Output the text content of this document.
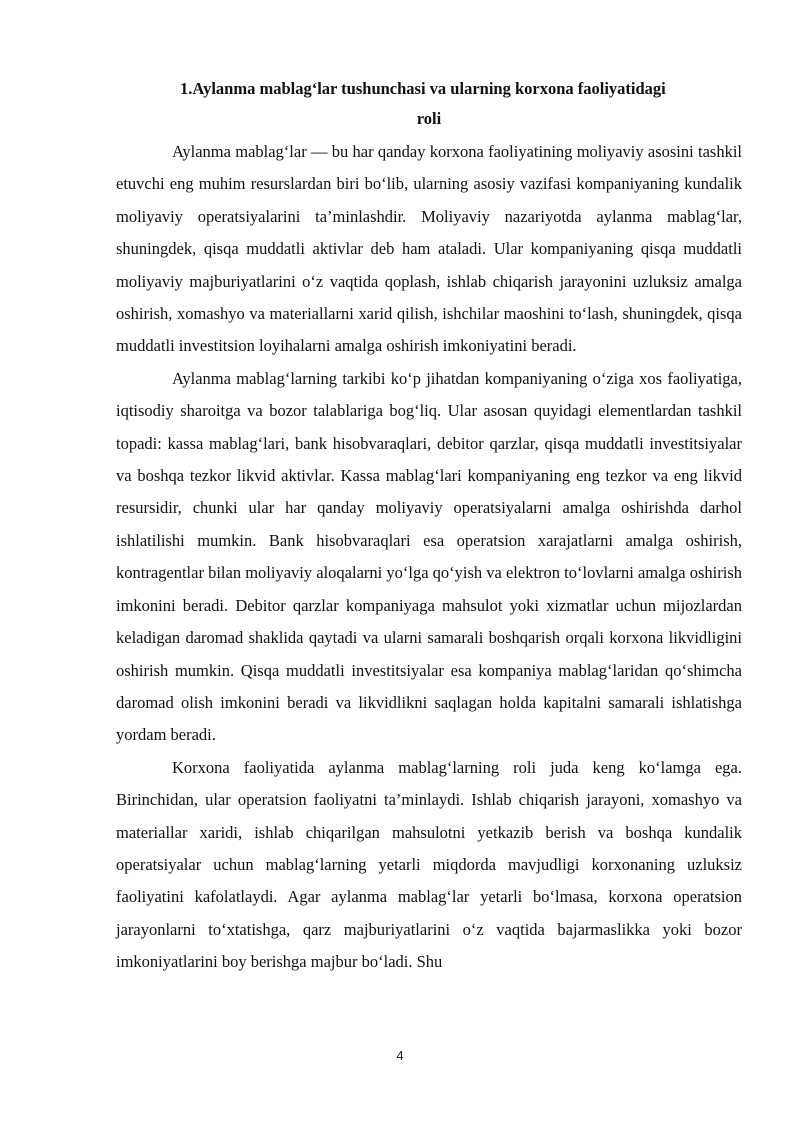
1.Aylanma mablag‘lar tushunchasi va ularning korxona faoliyatidagi
roli

Aylanma mablag‘lar — bu har qanday korxona faoliyatining moliyaviy asosini tashkil etuvchi eng muhim resurslardan biri bo‘lib, ularning asosiy vazifasi kompaniyaning kundalik moliyaviy operatsiyalarini ta’minlashdir. Moliyaviy nazariyotda aylanma mablag‘lar, shuningdek, qisqa muddatli aktivlar deb ham ataladi. Ular kompaniyaning qisqa muddatli moliyaviy majburiyatlarini o‘z vaqtida qoplash, ishlab chiqarish jarayonini uzluksiz amalga oshirish, xomashyo va materiallarni xarid qilish, ishchilar maoshini to‘lash, shuningdek, qisqa muddatli investitsion loyihalarni amalga oshirish imkoniyatini beradi.

Aylanma mablag‘larning tarkibi ko‘p jihatdan kompaniyaning o‘ziga xos faoliyatiga, iqtisodiy sharoitga va bozor talablariga bog‘liq. Ular asosan quyidagi elementlardan tashkil topadi: kassa mablag‘lari, bank hisobvaraqlari, debitor qarzlar, qisqa muddatli investitsiyalar va boshqa tezkor likvid aktivlar. Kassa mablag‘lari kompaniyaning eng tezkor va eng likvid resursidir, chunki ular har qanday moliyaviy operatsiyalarni amalga oshirishda darhol ishlatilishi mumkin. Bank hisobvaraqlari esa operatsion xarajatlarni amalga oshirish, kontragentlar bilan moliyaviy aloqalarni yo‘lga qo‘yish va elektron to‘lovlarni amalga oshirish imkonini beradi. Debitor qarzlar kompaniyaga mahsulot yoki xizmatlar uchun mijozlardan keladigan daromad shaklida qaytadi va ularni samarali boshqarish orqali korxona likvidligini oshirish mumkin. Qisqa muddatli investitsiyalar esa kompaniya mablag‘laridan qo‘shimcha daromad olish imkonini beradi va likvidlikni saqlagan holda kapitalni samarali ishlatishga yordam beradi.

Korxona faoliyatida aylanma mablag‘larning roli juda keng ko‘lamga ega. Birinchidan, ular operatsion faoliyatni ta’minlaydi. Ishlab chiqarish jarayoni, xomashyo va materiallar xaridi, ishlab chiqarilgan mahsulotni yetkazib berish va boshqa kundalik operatsiyalar uchun mablag‘larning yetarli miqdorda mavjudligi korxonaning uzluksiz faoliyatini kafolatlaydi. Agar aylanma mablag‘lar yetarli bo‘lmasa, korxona operatsion jarayonlarni to‘xtatishga, qarz majburiyatlarini o‘z vaqtida bajarmaslikka yoki bozor imkoniyatlarini boy berishga majbur bo‘ladi. Shu

4
